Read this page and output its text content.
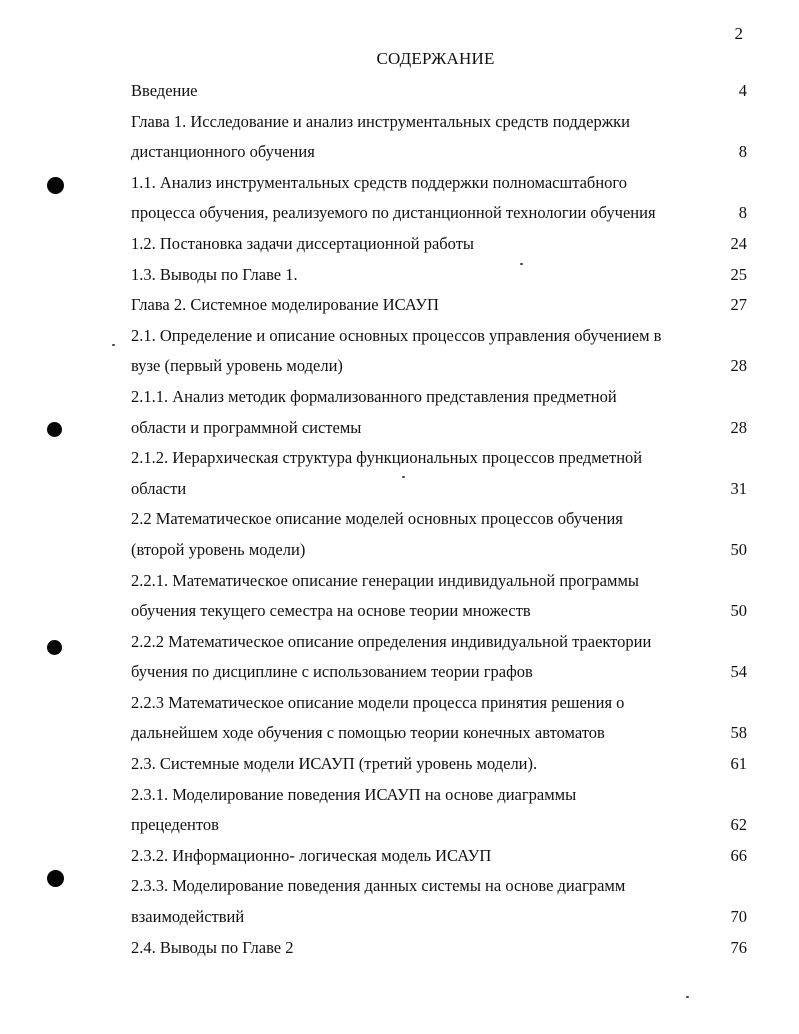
2
СОДЕРЖАНИЕ
Введение	4
Глава 1. Исследование и анализ инструментальных средств поддержки
дистанционного обучения	8
1.1. Анализ инструментальных средств поддержки полномасштабного
процесса обучения, реализуемого по дистанционной технологии обучения	8
1.2. Постановка задачи диссертационной работы	24
1.3. Выводы по Главе 1.	25
Глава 2. Системное моделирование ИСАУП	27
2.1. Определение и описание основных процессов управления обучением в
вузе (первый уровень модели)	28
2.1.1. Анализ методик формализованного представления предметной
области и программной системы	28
2.1.2. Иерархическая структура функциональных процессов предметной
области	31
2.2 Математическое описание моделей основных процессов обучения
(второй уровень модели)	50
2.2.1. Математическое описание генерации индивидуальной программы
обучения текущего семестра на основе теории множеств	50
2.2.2 Математическое описание определения индивидуальной траектории
бучения по дисциплине с использованием теории графов	54
2.2.3 Математическое описание модели процесса принятия решения о
дальнейшем ходе обучения с помощью теории конечных автоматов	58
2.3. Системные модели ИСАУП (третий уровень модели).	61
2.3.1. Моделирование поведения ИСАУП на основе диаграммы
прецедентов	62
2.3.2. Информационно- логическая модель ИСАУП	66
2.3.3. Моделирование поведения данных системы на основе диаграмм
взаимодействий	70
2.4. Выводы по Главе 2	76
